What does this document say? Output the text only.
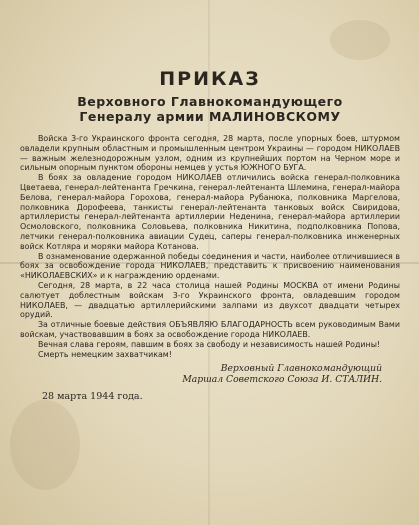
ПРИКАЗ

Верховного Главнокомандующего

Генералу армии МАЛИНОВСКОМУ

Войска 3-го Украинского фронта сегодня, 28 марта, после упорных боев, штурмом овладели крупным областным и промышленным центром Украины — городом НИКОЛАЕВ — важным железнодорожным узлом, одним из крупнейших портом на Черном море и сильным опорным пунктом обороны немцев у устья ЮЖНОГО БУГА.

В боях за овладение городом НИКОЛАЕВ отличились войска генерал-полковника Цветаева, генерал-лейтенанта Гречкина, генерал-лейтенанта Шлемина, генерал-майора Белова, генерал-майора Горохова, генерал-майора Рубанюка, полковника Маргелова, полковника Дорофеева, танкисты генерал-лейтенанта танковых войск Свиридова, артиллеристы генерал-лейтенанта артиллерии Неденина, генерал-майора артиллерии Осмоловского, полковника Соловьева, полковника Никитина, подполковника Попова, летчики генерал-полковника авиации Судец, саперы генерал-полковника инженерных войск Котляра и моряки майора Котанова.

В ознаменование одержанной победы соединения и части, наиболее отличившиеся в боях за освобождение города НИКОЛАЕВ, представить к присвоению наименования «НИКОЛАЕВСКИХ» и к награждению орденами.

Сегодня, 28 марта, в 22 часа столица нашей Родины МОСКВА от имени Родины салютует доблестным войскам 3-го Украинского фронта, овладевшим городом НИКОЛАЕВ, — двадцатью артиллерийскими залпами из двухсот двадцати четырех орудий.

За отличные боевые действия ОБЪЯВЛЯЮ БЛАГОДАРНОСТЬ всем руководимым Вами войскам, участвовавшим в боях за освобождение города НИКОЛАЕВ.

Вечная слава героям, павшим в боях за свободу и независимость нашей Родины!

Смерть немецким захватчикам!

Верховный Главнокомандующий

Маршал Советского Союза И. СТАЛИН.

28 марта 1944 года.
